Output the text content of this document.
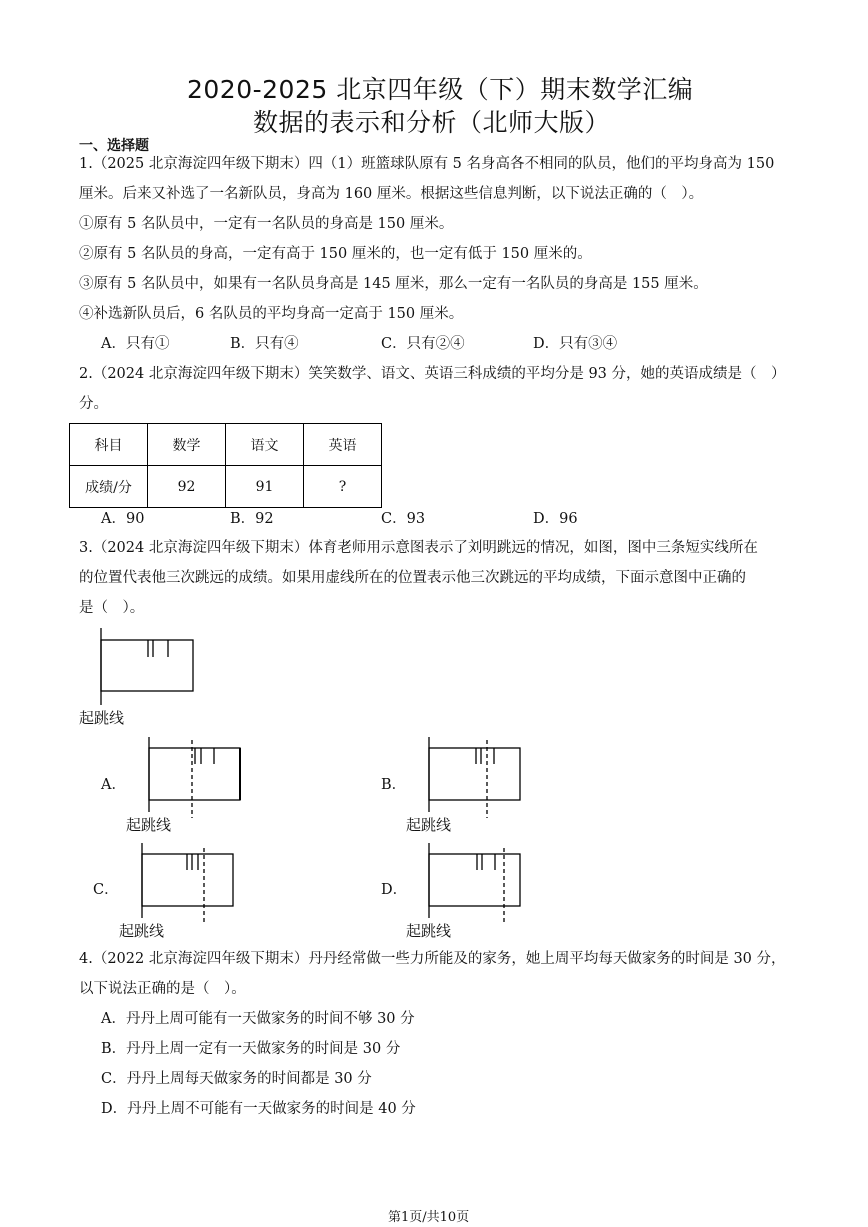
2020-2025 北京四年级（下）期末数学汇编
数据的表示和分析（北师大版）
一、选择题
1.（2025 北京海淀四年级下期末）四（1）班篮球队原有 5 名身高各不相同的队员，他们的平均身高为 150
厘米。后来又补选了一名新队员，身高为 160 厘米。根据这些信息判断，以下说法正确的（　）。
①原有 5 名队员中，一定有一名队员的身高是 150 厘米。
②原有 5 名队员的身高，一定有高于 150 厘米的，也一定有低于 150 厘米的。
③原有 5 名队员中，如果有一名队员身高是 145 厘米，那么一定有一名队员的身高是 155 厘米。
④补选新队员后，6 名队员的平均身高一定高于 150 厘米。
A．只有①	B．只有④	C．只有②④	D．只有③④
2.（2024 北京海淀四年级下期末）笑笑数学、语文、英语三科成绩的平均分是 93 分，她的英语成绩是（　）
分。
科目	数学	语文	英语
成绩/分	92	91	?
A．90	B．92	C．93	D．96
3.（2024 北京海淀四年级下期末）体育老师用示意图表示了刘明跳远的情况，如图，图中三条短实线所在
的位置代表他三次跳远的成绩。如果用虚线所在的位置表示他三次跳远的平均成绩，下面示意图中正确的
是（　）。
起跳线
A．
起跳线
B．
起跳线
C．
起跳线
D．
起跳线
4.（2022 北京海淀四年级下期末）丹丹经常做一些力所能及的家务，她上周平均每天做家务的时间是 30 分，
以下说法正确的是（　）。
A．丹丹上周可能有一天做家务的时间不够 30 分
B．丹丹上周一定有一天做家务的时间是 30 分
C．丹丹上周每天做家务的时间都是 30 分
D．丹丹上周不可能有一天做家务的时间是 40 分
第1页/共10页
